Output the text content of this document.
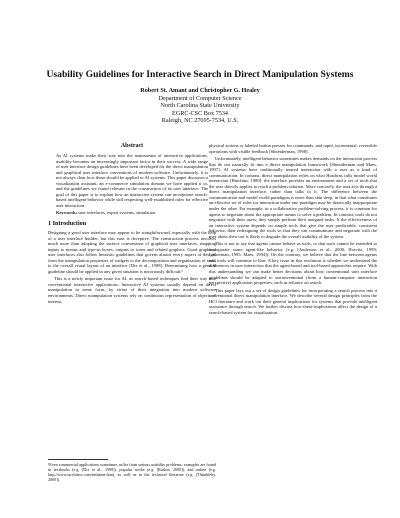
Usability Guidelines for Interactive Search in Direct Manipulation Systems
Robert St. Amant and Christopher G. Healey
Department of Computer Science
North Carolina State University
EGRC-CSC Box 7534
Raleigh, NC 27695-7534, U.S.
Abstract

As AI systems make their way into the mainstream of interactive applications, usability becomes an increasingly important factor in their success. A wide range of user interface design guidelines have been developed for the direct manipulation and graphical user interface conventions of modern software. Unfortunately, it is not always clear how these should be applied to AI systems. This paper discusses a visualization assistant, an e-commerce simulation domain we have applied it to, and the guidelines we found relevant in the construction of its user interface. The goal of this paper is to explain how an interactive system can incorporate search-based intelligent behavior while still respecting well-established rules for effective user interaction.

Keywords: user interfaces, expert systems, simulation

1 Introduction

Designing a good user interface may appear to be straightforward, especially with the help of a user interface builder, but this ease is deceptive. The construction process involves much more than adopting the surface conventions of graphical user interfaces, mapping inputs to menus and type-in boxes, outputs to icons and related graphics. Good graphical user interfaces also follow heuristic guidelines that govern almost every aspect of design, from the manipulation properties of widgets to the decomposition and organization of tasks to the overall visual layout of an interface [Dix et al., 1998]. Determining how a general guideline should be applied in any given situation is notoriously difficult.¹

This is a newly important issue for AI, as search-based techniques find their way into conventional interactive applications. Interactive AI systems usually depend on direct manipulation in some form, by virtue of their integration into modern software environments. Direct manipulation systems rely on continuous representation of objects of interest,

physical actions or labeled button presses for commands, and rapid, incremental, reversible operations with visible feedback [Shneiderman, 1998].

Unfortunately, intelligent behavior sometimes makes demands on the interaction process that do not naturally fit into a direct manipulation framework [Shneiderman and Maes, 1997]. AI systems have traditionally treated interaction with a user as a kind of communication. In contrast, direct manipulation relies on what Hutchins calls model world interaction [Hutchins, 1989]: the interface provides an environment and a set of tools that the user directly applies to reach a problem solution. More concisely, the user acts through a direct manipulation interface, rather than talks to it. The difference between the communication and model world paradigms is more than skin deep, in that what constitutes an effective set of rules for interaction under one paradigm may be drastically inappropriate under the other. For example, in a collaborative problem-solving process, it is common for agents to negotiate about the appropriate means to solve a problem. In contrast, tools do not negotiate with their users; they simply perform their assigned tasks. If the effectiveness of an interactive system depends on simple tools that give the user predictable, consistent behavior, then redesigning the tools so that they can communicate and negotiate with the user about their use is likely to degrade the overall usability of the system.

This is not to say that agents cannot behave as tools, or that tools cannot be extended to incorporate some agent-like behavior (e.g. [Anderson et al., 2000; Horvitz, 1999; Lieberman, 1995; Maes, 1994]). On the contrary, we believe that the line between agents and tools will continue to blur. A key issue in this evolution is whether we understand the differences in user interaction that the agent-based and tool-based approaches require. With this understanding we can make better decisions about how conventional user interface guidelines should be adapted to unconventional (from a human-computer interaction perspective) application properties, such as reliance on search.

This paper lays out a set of design guidelines for incorporating a search process into a conventional direct manipulation interface. We describe several design principles from the HCI literature and work out their general implications for systems that provide intelligent assistance through search. We further discuss how these implications affect the design of a search-based system for visualization.

¹Even commercial applications sometimes suffer from serious usability problems; examples are found in textbooks (e.g. [Dix et al., 1998]), popular works (e.g. [Raskin, 2000]), and online (e.g. http://www.iarchitect.com/mshame.htm), as well as in the technical literature (e.g. [Thimbleby, 2000]).
